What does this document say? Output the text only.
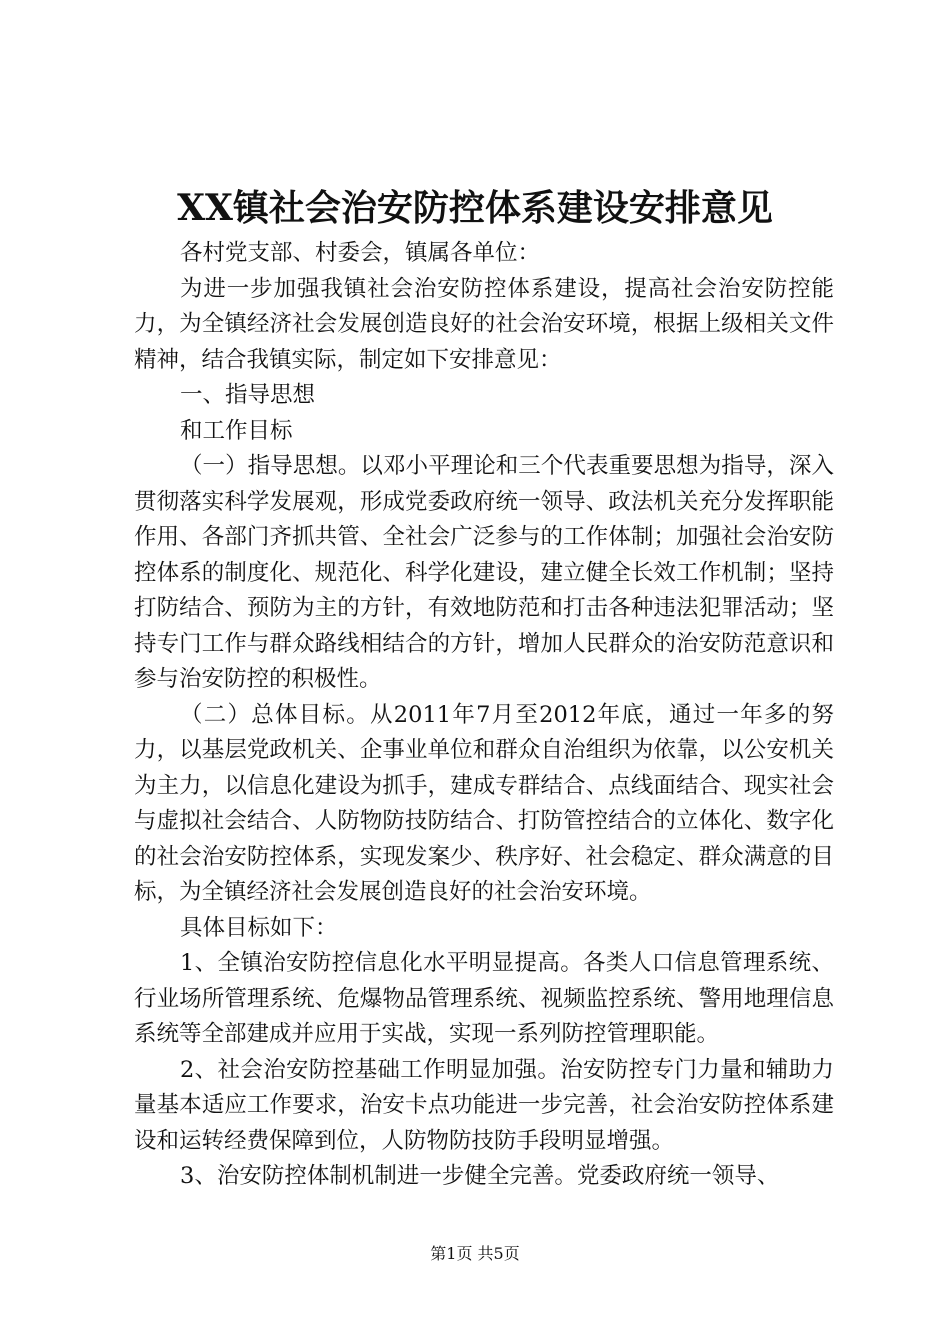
XX镇社会治安防控体系建设安排意见

各村党支部、村委会，镇属各单位：

为进一步加强我镇社会治安防控体系建设，提高社会治安防控能力，为全镇经济社会发展创造良好的社会治安环境，根据上级相关文件精神，结合我镇实际，制定如下安排意见：

一、指导思想

和工作目标

（一）指导思想。以邓小平理论和三个代表重要思想为指导，深入贯彻落实科学发展观，形成党委政府统一领导、政法机关充分发挥职能作用、各部门齐抓共管、全社会广泛参与的工作体制；加强社会治安防控体系的制度化、规范化、科学化建设，建立健全长效工作机制；坚持打防结合、预防为主的方针，有效地防范和打击各种违法犯罪活动；坚持专门工作与群众路线相结合的方针，增加人民群众的治安防范意识和参与治安防控的积极性。

（二）总体目标。从2011年7月至2012年底，通过一年多的努力，以基层党政机关、企事业单位和群众自治组织为依靠，以公安机关为主力，以信息化建设为抓手，建成专群结合、点线面结合、现实社会与虚拟社会结合、人防物防技防结合、打防管控结合的立体化、数字化的社会治安防控体系，实现发案少、秩序好、社会稳定、群众满意的目标，为全镇经济社会发展创造良好的社会治安环境。

具体目标如下：

1、全镇治安防控信息化水平明显提高。各类人口信息管理系统、行业场所管理系统、危爆物品管理系统、视频监控系统、警用地理信息系统等全部建成并应用于实战，实现一系列防控管理职能。

2、社会治安防控基础工作明显加强。治安防控专门力量和辅助力量基本适应工作要求，治安卡点功能进一步完善，社会治安防控体系建设和运转经费保障到位，人防物防技防手段明显增强。

3、治安防控体制机制进一步健全完善。党委政府统一领导、

第1页 共5页
